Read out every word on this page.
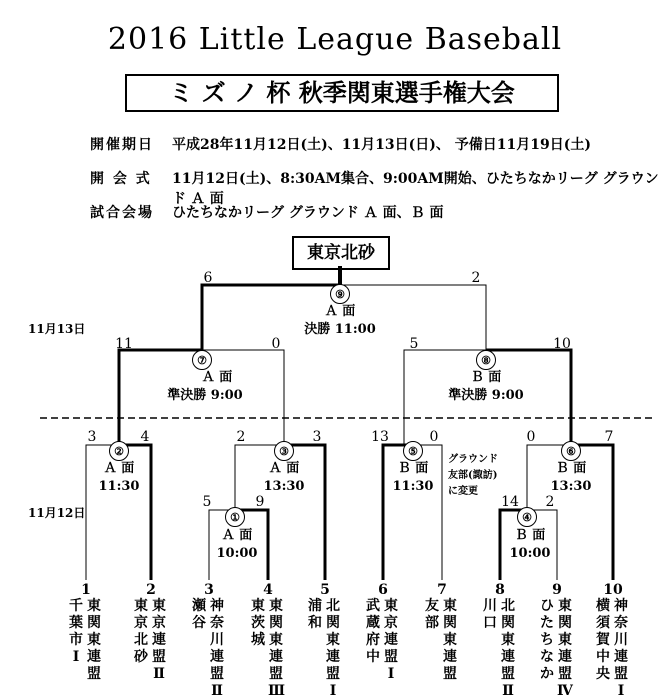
2016 Little League Baseball
ミ ズ ノ 杯 秋季関東選手権大会
開催期日 平成28年11月12日(土)、11月13日(日)、 予備日11月19日(土)
開 会 式 11月12日(土)、8:30AM集合、9:00AM開始、ひたちなかリーグ グラウンド Ａ 面
試合会場 ひたちなかリーグ グラウンド Ａ 面、Ｂ 面
東京北砂
11月13日
11月12日
6	2
⑨
Ａ 面
決勝 11:00
11	0
⑦
Ａ 面
準決勝 9:00
5	10
⑧
Ｂ 面
準決勝 9:00
3	4
②
Ａ 面
11:30
2	3
③
Ａ 面
13:30
5	9
①
Ａ 面
10:00
13	0
⑤
Ｂ 面
11:30
グラウンド
友部(諏訪)
に変更
0	7
⑥
Ｂ 面
13:30
14	2
④
Ｂ 面
10:00
1
東関東連盟
千葉市Ⅰ
2
東京連盟Ⅱ
東京北砂
3
神奈川連盟Ⅱ
瀬谷
4
東関東連盟Ⅲ
東茨城
5
北関東連盟Ⅰ
浦和
6
東京連盟Ⅰ
武蔵府中
7
東関東連盟
友部
8
北関東連盟Ⅱ
川口
9
東関東連盟Ⅳ
ひたちなか
10
神奈川連盟Ⅰ
横須賀中央
